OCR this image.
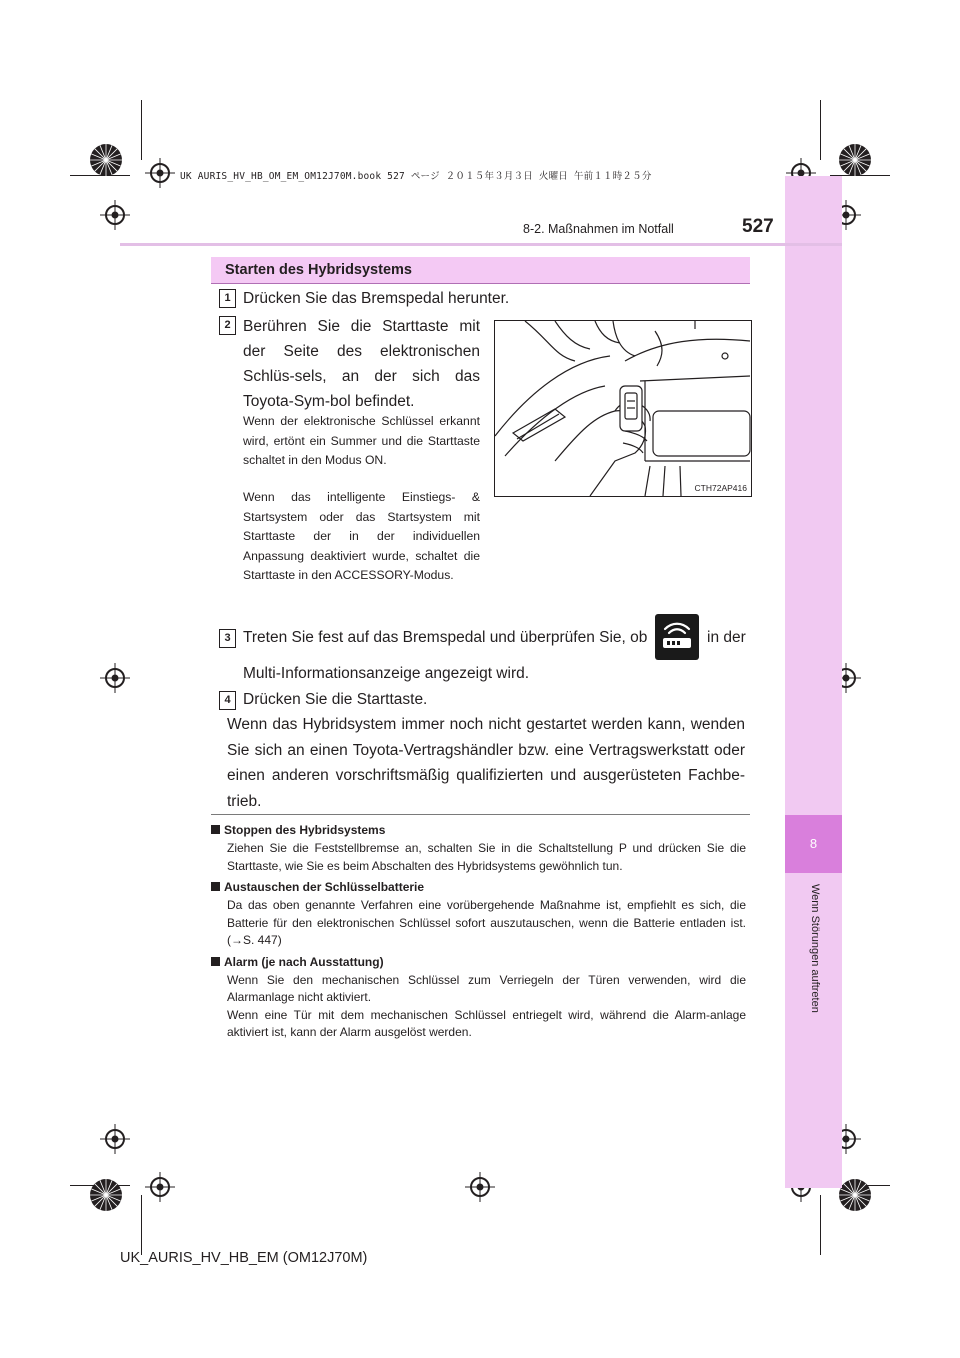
UK AURIS_HV_HB_OM_EM_OM12J70M.book 527 ページ ２０１５年３月３日 火曜日 午前１１時２５分
8
Wenn Störungen auftreten
8-2. Maßnahmen im Notfall	527
Starten des Hybridsystems
1 Drücken Sie das Bremspedal herunter.
2 Berühren Sie die Starttaste mit der Seite des elektronischen Schlüs-sels, an der sich das Toyota-Sym-bol befindet.
Wenn der elektronische Schlüssel erkannt wird, ertönt ein Summer und die Starttaste schaltet in den Modus ON.
Wenn das intelligente Einstiegs- & Startsystem oder das Startsystem mit Starttaste der in der individuellen Anpassung deaktiviert wurde, schaltet die Starttaste in den ACCESSORY-Modus.
CTH72AP416
3 Treten Sie fest auf das Bremspedal und überprüfen Sie, ob	in der
Multi-Informationsanzeige angezeigt wird.
4 Drücken Sie die Starttaste.
Wenn das Hybridsystem immer noch nicht gestartet werden kann, wenden Sie sich an einen Toyota-Vertragshändler bzw. eine Vertragswerkstatt oder einen anderen vorschriftsmäßig qualifizierten und ausgerüsteten Fachbe-trieb.
Stoppen des Hybridsystems
Ziehen Sie die Feststellbremse an, schalten Sie in die Schaltstellung P und drücken Sie die Starttaste, wie Sie es beim Abschalten des Hybridsystems gewöhnlich tun.
Austauschen der Schlüsselbatterie
Da das oben genannte Verfahren eine vorübergehende Maßnahme ist, empfiehlt es sich, die Batterie für den elektronischen Schlüssel sofort auszutauschen, wenn die Batterie entladen ist. (→S. 447)
Alarm (je nach Ausstattung)
Wenn Sie den mechanischen Schlüssel zum Verriegeln der Türen verwenden, wird die Alarmanlage nicht aktiviert.
Wenn eine Tür mit dem mechanischen Schlüssel entriegelt wird, während die Alarm-anlage aktiviert ist, kann der Alarm ausgelöst werden.
UK_AURIS_HV_HB_EM (OM12J70M)
